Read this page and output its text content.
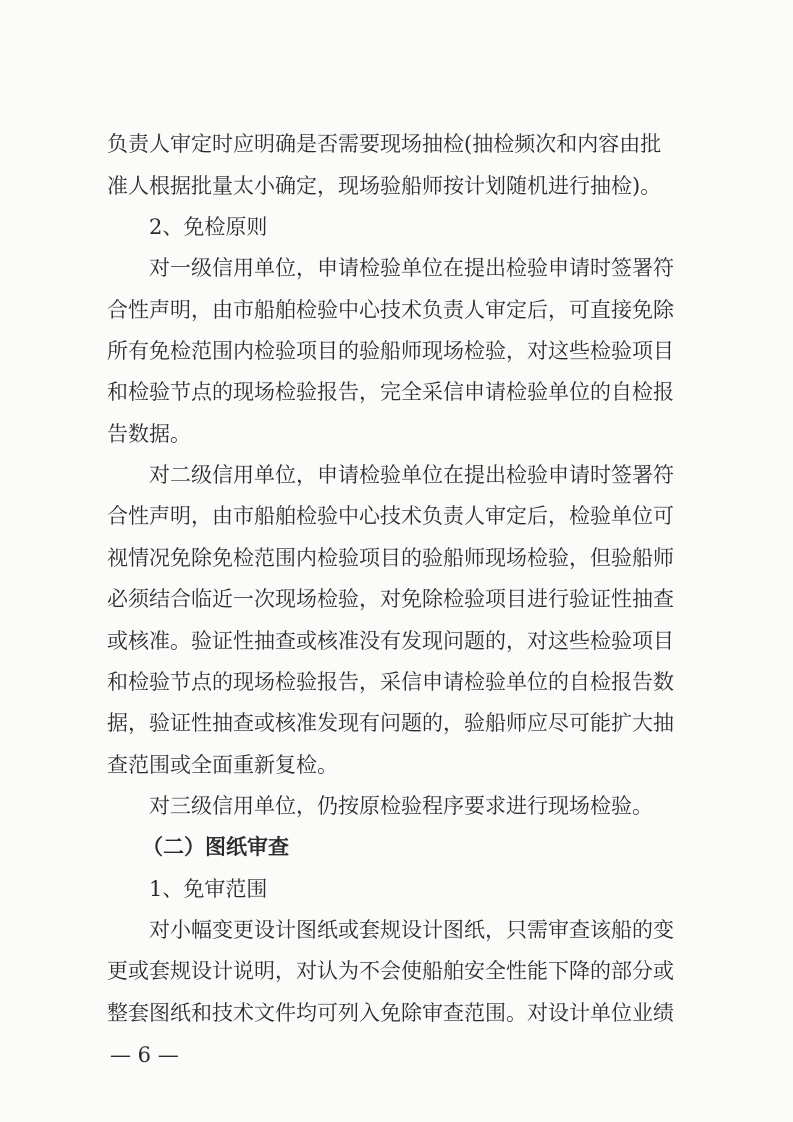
负责人审定时应明确是否需要现场抽检(抽检频次和内容由批
准人根据批量太小确定，现场验船师按计划随机进行抽检)。
2、免检原则
对一级信用单位，申请检验单位在提出检验申请时签署符
合性声明，由市船舶检验中心技术负责人审定后，可直接免除
所有免检范围内检验项目的验船师现场检验，对这些检验项目
和检验节点的现场检验报告，完全采信申请检验单位的自检报
告数据。
对二级信用单位，申请检验单位在提出检验申请时签署符
合性声明，由市船舶检验中心技术负责人审定后，检验单位可
视情况免除免检范围内检验项目的验船师现场检验，但验船师
必须结合临近一次现场检验，对免除检验项目进行验证性抽查
或核准。验证性抽查或核准没有发现问题的，对这些检验项目
和检验节点的现场检验报告，采信申请检验单位的自检报告数
据，验证性抽查或核准发现有问题的，验船师应尽可能扩大抽
查范围或全面重新复检。
对三级信用单位，仍按原检验程序要求进行现场检验。
（二）图纸审查
1、免审范围
对小幅变更设计图纸或套规设计图纸，只需审查该船的变
更或套规设计说明，对认为不会使船舶安全性能下降的部分或
整套图纸和技术文件均可列入免除审查范围。对设计单位业绩
— 6 —
